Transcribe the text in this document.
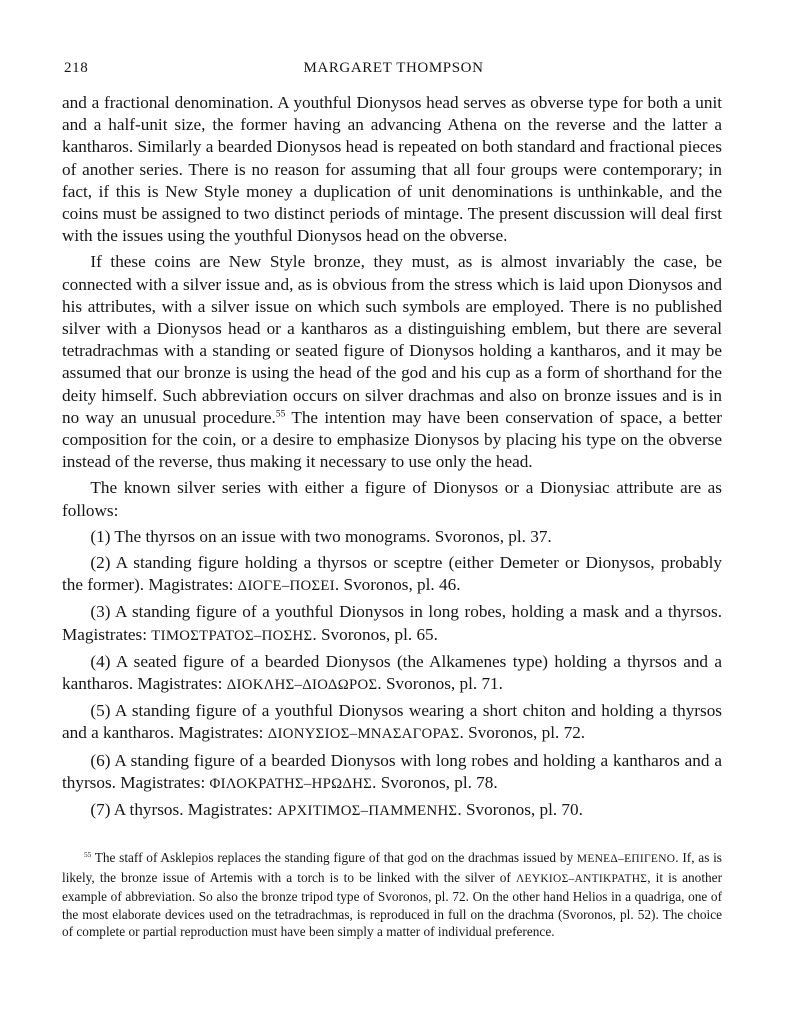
218	MARGARET THOMPSON

and a fractional denomination. A youthful Dionysos head serves as obverse type for both a unit and a half-unit size, the former having an advancing Athena on the reverse and the latter a kantharos. Similarly a bearded Dionysos head is repeated on both standard and fractional pieces of another series. There is no reason for assuming that all four groups were contemporary; in fact, if this is New Style money a duplication of unit denominations is unthinkable, and the coins must be assigned to two distinct periods of mintage. The present discussion will deal first with the issues using the youthful Dionysos head on the obverse.

If these coins are New Style bronze, they must, as is almost invariably the case, be connected with a silver issue and, as is obvious from the stress which is laid upon Dionysos and his attributes, with a silver issue on which such symbols are employed. There is no published silver with a Dionysos head or a kantharos as a distinguishing emblem, but there are several tetradrachmas with a standing or seated figure of Dionysos holding a kantharos, and it may be assumed that our bronze is using the head of the god and his cup as a form of shorthand for the deity himself. Such abbreviation occurs on silver drachmas and also on bronze issues and is in no way an unusual procedure.$^{55}$ The intention may have been conservation of space, a better composition for the coin, or a desire to emphasize Dionysos by placing his type on the obverse instead of the reverse, thus making it necessary to use only the head.

The known silver series with either a figure of Dionysos or a Dionysiac attribute are as follows:

(1) The thyrsos on an issue with two monograms. Svoronos, pl. 37.

(2) A standing figure holding a thyrsos or sceptre (either Demeter or Dionysos, probably the former). Magistrates: ΔΙΟΓΕ–ΠΟΣΕΙ. Svoronos, pl. 46.

(3) A standing figure of a youthful Dionysos in long robes, holding a mask and a thyrsos. Magistrates: ΤΙΜΟΣΤΡΑΤΟΣ–ΠΟΣΗΣ. Svoronos, pl. 65.

(4) A seated figure of a bearded Dionysos (the Alkamenes type) holding a thyrsos and a kantharos. Magistrates: ΔΙΟΚΛΗΣ–ΔΙΟΔΩΡΟΣ. Svoronos, pl. 71.

(5) A standing figure of a youthful Dionysos wearing a short chiton and holding a thyrsos and a kantharos. Magistrates: ΔΙΟΝΥΣΙΟΣ–ΜΝΑΣΑΓΟΡΑΣ. Svoronos, pl. 72.

(6) A standing figure of a bearded Dionysos with long robes and holding a kantharos and a thyrsos. Magistrates: ΦΙΛΟΚΡΑΤΗΣ–ΗΡΩΔΗΣ. Svoronos, pl. 78.

(7) A thyrsos. Magistrates: ΑΡΧΙΤΙΜΟΣ–ΠΑΜΜΕΝΗΣ. Svoronos, pl. 70.

$^{55}$ The staff of Asklepios replaces the standing figure of that god on the drachmas issued by ΜΕΝΕΔ–ΕΠΙΓΕΝΟ. If, as is likely, the bronze issue of Artemis with a torch is to be linked with the silver of ΛΕΥΚΙΟΣ–ΑΝΤΙΚΡΑΤΗΣ, it is another example of abbreviation. So also the bronze tripod type of Svoronos, pl. 72. On the other hand Helios in a quadriga, one of the most elaborate devices used on the tetradrachmas, is reproduced in full on the drachma (Svoronos, pl. 52). The choice of complete or partial reproduction must have been simply a matter of individual preference.
